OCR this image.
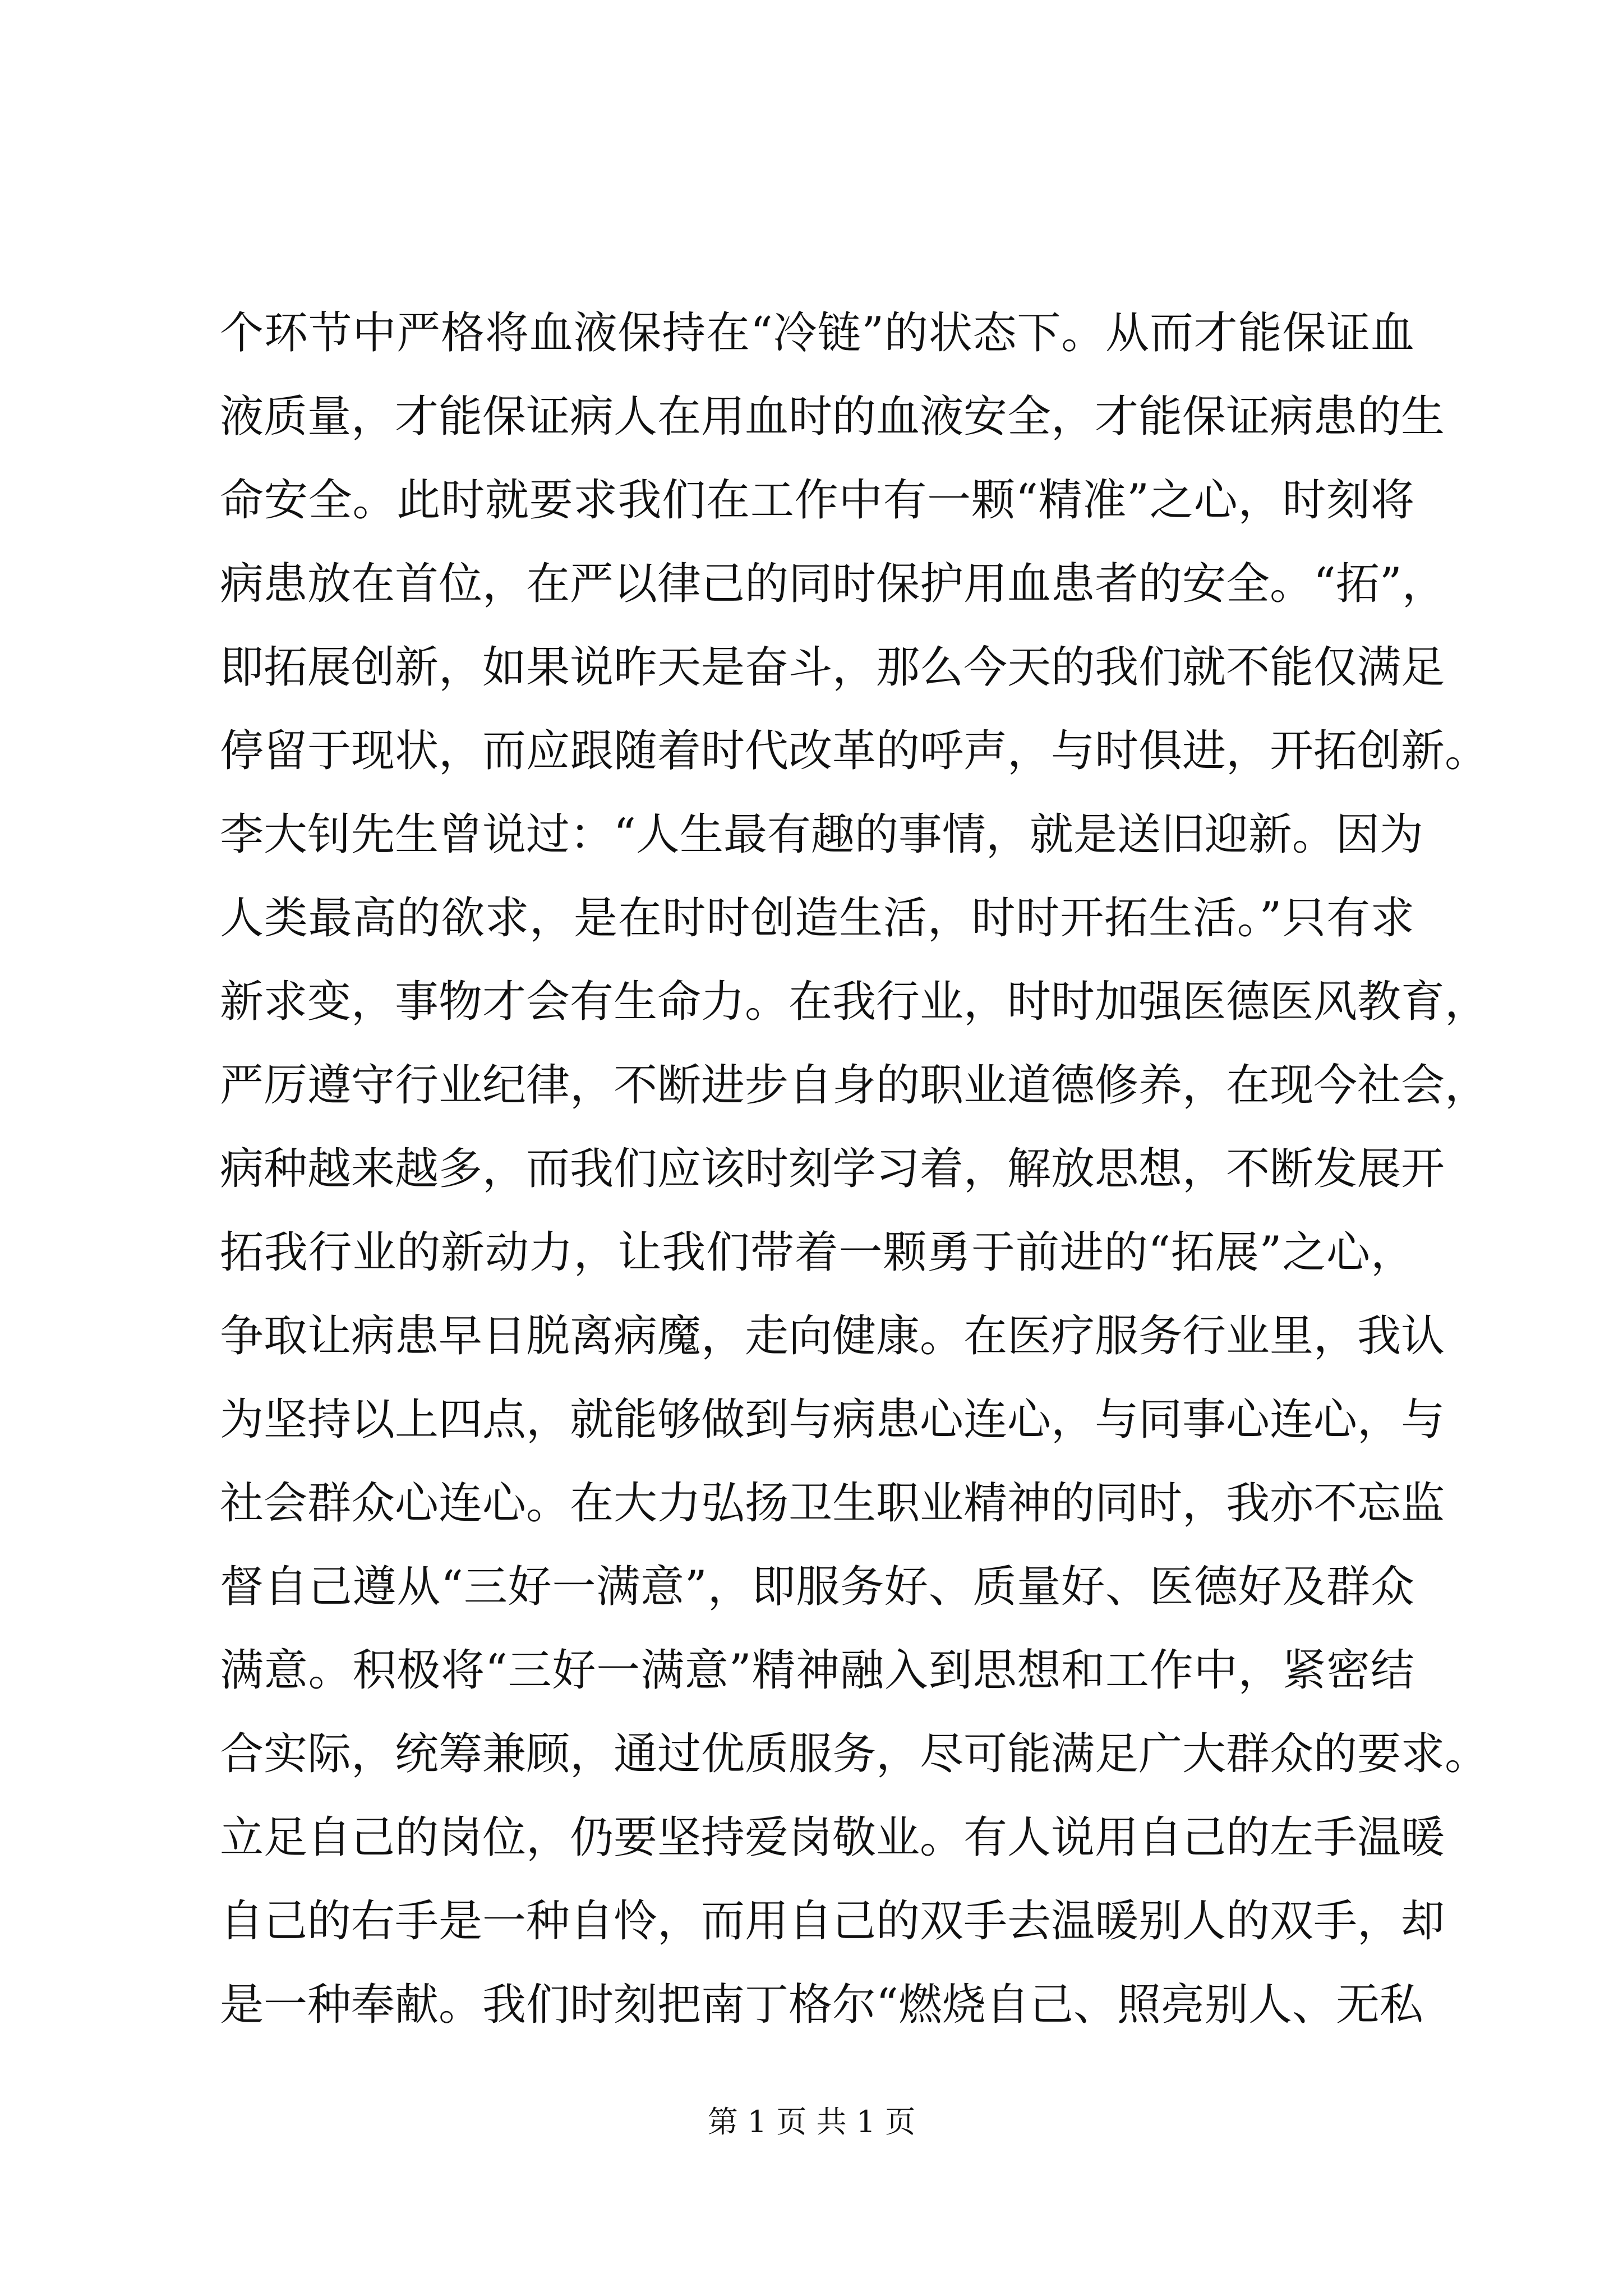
个环节中严格将血液保持在“冷链”的状态下。从而才能保证血
液质量，才能保证病人在用血时的血液安全，才能保证病患的生
命安全。此时就要求我们在工作中有一颗“精准”之心，时刻将
病患放在首位，在严以律己的同时保护用血患者的安全。“拓”，
即拓展创新，如果说昨天是奋斗，那么今天的我们就不能仅满足
停留于现状，而应跟随着时代改革的呼声，与时俱进，开拓创新。
李大钊先生曾说过：“人生最有趣的事情，就是送旧迎新。因为
人类最高的欲求，是在时时创造生活，时时开拓生活。”只有求
新求变，事物才会有生命力。在我行业，时时加强医德医风教育，
严厉遵守行业纪律，不断进步自身的职业道德修养，在现今社会，
病种越来越多，而我们应该时刻学习着，解放思想，不断发展开
拓我行业的新动力，让我们带着一颗勇于前进的“拓展”之心，
争取让病患早日脱离病魔，走向健康。在医疗服务行业里，我认
为坚持以上四点，就能够做到与病患心连心，与同事心连心，与
社会群众心连心。在大力弘扬卫生职业精神的同时，我亦不忘监
督自己遵从“三好一满意”，即服务好、质量好、医德好及群众
满意。积极将“三好一满意”精神融入到思想和工作中，紧密结
合实际，统筹兼顾，通过优质服务，尽可能满足广大群众的要求。
立足自己的岗位，仍要坚持爱岗敬业。有人说用自己的左手温暖
自己的右手是一种自怜，而用自己的双手去温暖别人的双手，却
是一种奉献。我们时刻把南丁格尔“燃烧自己、照亮别人、无私
第 1 页 共 1 页
